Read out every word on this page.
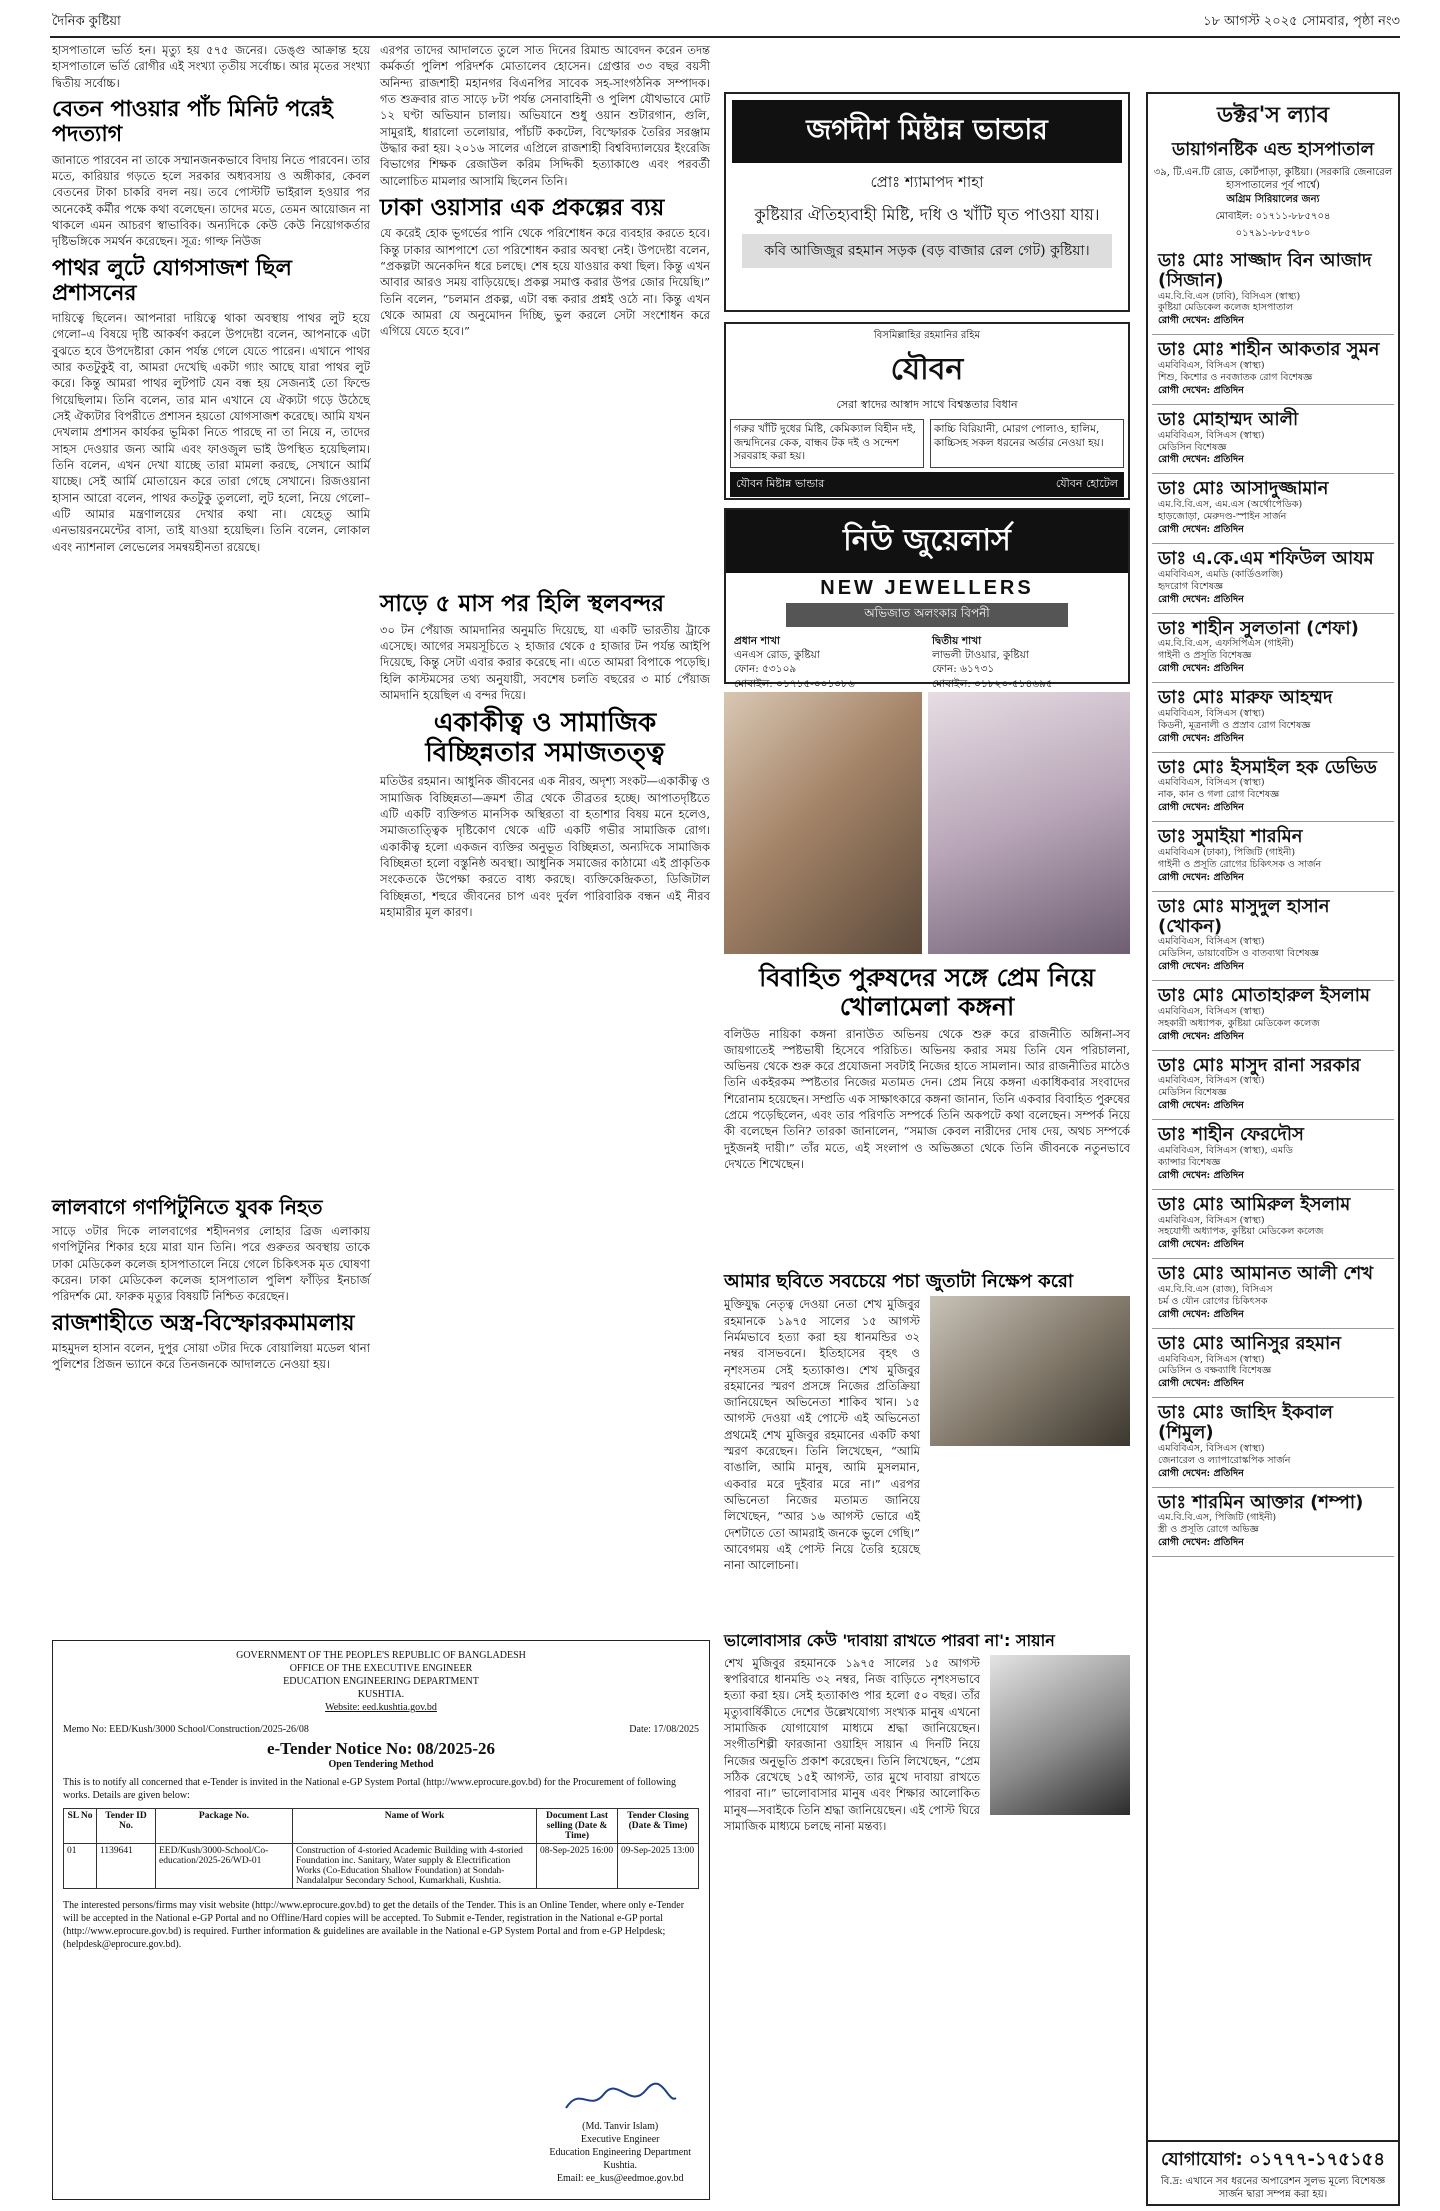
দৈনিক কুষ্টিয়া	১৮ আগস্ট ২০২৫ সোমবার, পৃষ্ঠা নং৩

হাসপাতালে ভর্তি হন। মৃত্যু হয় ৫৭৫ জনের। ডেঙ্গু আক্রান্ত হয়ে হাসপাতালে ভর্তি রোগীর এই সংখ্যা তৃতীয় সর্বোচ্চ। আর মৃতের সংখ্যা দ্বিতীয় সর্বোচ্চ।

বেতন পাওয়ার পাঁচ মিনিট পরেই পদত্যাগ

জানাতে পারবেন না তাকে সম্মানজনকভাবে বিদায় নিতে পারবেন। তার মতে, কারিয়ার গড়তে হলে সরকার অধ্যবসায় ও অঙ্গীকার, কেবল বেতনের টাকা চাকরি বদল নয়। তবে পোস্টটি ভাইরাল হওয়ার পর অনেকেই কর্মীর পক্ষে কথা বলেছেন। তাদের মতে, তেমন আয়োজন না থাকলে এমন আচরণ স্বাভাবিক। অন্যদিকে কেউ কেউ নিয়োগকর্তার দৃষ্টিভঙ্গিকে সমর্থন করেছেন। সূত্র: গাল্ফ নিউজ

পাথর লুটে যোগসাজশ ছিল প্রশাসনের

দায়িত্বে ছিলেন। আপনারা দায়িত্বে থাকা অবস্থায় পাথর লুট হয়ে গেলো–এ বিষয়ে দৃষ্টি আকর্ষণ করলে উপদেষ্টা বলেন, আপনাকে এটা বুঝতে হবে উপদেষ্টারা কোন পর্যন্ত গেলে যেতে পারেন। এখানে পাথর আর কতটুকুই বা, আমরা দেখেছি একটা গ্যাং আছে যারা পাথর লুট করে। কিন্তু আমরা পাথর লুটপাট যেন বন্ধ হয় সেজন্যই তো ফিল্ডে গিয়েছিলাম। তিনি বলেন, তার মান এখানে যে ঐক্যটা গড়ে উঠেছে সেই ঐক্যটার বিপরীতে প্রশাসন হয়তো যোগসাজশ করেছে। আমি যখন দেখলাম প্রশাসন কার্যকর ভূমিকা নিতে পারছে না তা নিয়ে ন, তাদের সাহস দেওয়ার জন্য আমি এবং ফাওজুল ভাই উপস্থিত হয়েছিলাম। তিনি বলেন, এখন দেখা যাচ্ছে তারা মামলা করছে, সেখানে আর্মি যাচ্ছে। সেই আর্মি মোতায়েন করে তারা গেছে সেখানে। রিজওয়ানা হাসান আরো বলেন, পাথর কতটুকু তুললো, লুট হলো, নিয়ে গেলো–এটি আমার মন্ত্রণালয়ের দেখার কথা না। যেহেতু আমি এনভায়রনমেন্টের বাসা, তাই যাওয়া হয়েছিল। তিনি বলেন, লোকাল এবং ন্যাশনাল লেভেলের সমন্বয়হীনতা রয়েছে।

লালবাগে গণপিটুনিতে যুবক নিহত

সাড়ে ৩টার দিকে লালবাগের শহীদনগর লোহার ব্রিজ এলাকায় গণপিটুনির শিকার হয়ে মারা যান তিনি। পরে গুরুতর অবস্থায় তাকে ঢাকা মেডিকেল কলেজ হাসপাতালে নিয়ে গেলে চিকিৎসক মৃত ঘোষণা করেন। ঢাকা মেডিকেল কলেজ হাসপাতাল পুলিশ ফাঁড়ির ইনচার্জ পরিদর্শক মো. ফারুক মৃত্যুর বিষয়টি নিশ্চিত করেছেন।

রাজশাহীতে অস্ত্র-বিস্ফোরকমামলায়

মাহমুদল হাসান বলেন, দুপুর সোয়া ৩টার দিকে বোয়ালিয়া মডেল থানা পুলিশের প্রিজন ভ্যানে করে তিনজনকে আদালতে নেওয়া হয়।

এরপর তাদের আদালতে তুলে সাত দিনের রিমান্ড আবেদন করেন তদন্ত কর্মকর্তা পুলিশ পরিদর্শক মোতালেব হোসেন। গ্রেপ্তার ৩৩ বছর বয়সী অনিন্দ্য রাজশাহী মহানগর বিএনপির সাবেক সহ-সাংগঠনিক সম্পাদক। গত শুক্রবার রাত সাড়ে ৮টা পর্যন্ত সেনাবাহিনী ও পুলিশ যৌথভাবে মোট ১২ ঘণ্টা অভিযান চালায়। অভিযানে শুধু ওয়ান শুটারগান, গুলি, সামুরাই, ধারালো তলোয়ার, পাঁচটি ককটেল, বিস্ফোরক তৈরির সরঞ্জাম উদ্ধার করা হয়। ২০১৬ সালের এপ্রিলে রাজশাহী বিশ্ববিদ্যালয়ের ইংরেজি বিভাগের শিক্ষক রেজাউল করিম সিদ্দিকী হত্যাকাণ্ডে এবং পরবর্তী আলোচিত মামলার আসামি ছিলেন তিনি।

ঢাকা ওয়াসার এক প্রকল্পের ব্যয়

যে করেই হোক ভূগর্ভের পানি থেকে পরিশোধন করে ব্যবহার করতে হবে। কিন্তু ঢাকার আশপাশে তো পরিশোধন করার অবস্থা নেই। উপদেষ্টা বলেন, “প্রকল্পটা অনেকদিন ধরে চলছে। শেষ হয়ে যাওয়ার কথা ছিল। কিন্তু এখন আবার আরও সময় বাড়িয়েছে। প্রকল্প সমাপ্ত করার উপর জোর দিয়েছি।” তিনি বলেন, “চলমান প্রকল্প, এটা বন্ধ করার প্রশ্নই ওঠে না। কিন্তু এখন থেকে আমরা যে অনুমোদন দিচ্ছি, ভুল করলে সেটা সংশোধন করে এগিয়ে যেতে হবে।”

সাড়ে ৫ মাস পর হিলি স্থলবন্দর

৩০ টন পেঁয়াজ আমদানির অনুমতি দিয়েছে, যা একটি ভারতীয় ট্রাকে এসেছে। আগের সময়সূচিতে ২ হাজার থেকে ৫ হাজার টন পর্যন্ত আইপি দিয়েছে, কিন্তু সেটা এবার করার করেছে না। এতে আমরা বিপাকে পড়েছি। হিলি কাস্টমসের তথ্য অনুযায়ী, সবশেষ চলতি বছরের ৩ মার্চ পেঁয়াজ আমদানি হয়েছিল এ বন্দর দিয়ে।

একাকীত্ব ও সামাজিক বিচ্ছিন্নতার সমাজতত্ত্ব

মতিউর রহমান। আধুনিক জীবনের এক নীরব, অদৃশ্য সংকট—একাকীত্ব ও সামাজিক বিচ্ছিন্নতা—ক্রমশ তীব্র থেকে তীব্রতর হচ্ছে। আপাতদৃষ্টিতে এটি একটি ব্যক্তিগত মানসিক অস্থিরতা বা হতাশার বিষয় মনে হলেও, সমাজতাত্ত্বিক দৃষ্টিকোণ থেকে এটি একটি গভীর সামাজিক রোগ। একাকীত্ব হলো একজন ব্যক্তির অনুভূত বিচ্ছিন্নতা, অন্যদিকে সামাজিক বিচ্ছিন্নতা হলো বস্তুনিষ্ঠ অবস্থা। আধুনিক সমাজের কাঠামো এই প্রাকৃতিক সংকেতকে উপেক্ষা করতে বাধ্য করছে। ব্যক্তিকেন্দ্রিকতা, ডিজিটাল বিচ্ছিন্নতা, শহুরে জীবনের চাপ এবং দুর্বল পারিবারিক বন্ধন এই নীরব মহামারীর মূল কারণ।

জগদীশ মিষ্টান্ন ভান্ডার
প্রোঃ শ্যামাপদ শাহা
কুষ্টিয়ার ঐতিহ্যবাহী মিষ্টি, দধি ও খাঁটি ঘৃত পাওয়া যায়।
কবি আজিজুর রহমান সড়ক (বড় বাজার রেল গেট) কুষ্টিয়া।
বিসমিল্লাহির রহমানির রহিম
যৌবন
সেরা স্বাদের আস্বাদ সাথে বিশ্বস্ততার বিধান
গরুর খাঁটি দুধের মিষ্টি, কেমিক্যাল বিহীন দই, জন্মদিনের কেক, বান্ধব টক দই ও সন্দেশ সরবরাহ করা হয়।
কাচ্চি বিরিয়ানী, মোরগ পোলাও, হালিম, কাচ্চিসহ সকল ধরনের অর্ডার নেওয়া হয়।
যৌবন মিষ্টান্ন ভান্ডার	যৌবন হোটেল
নিউ জুয়েলার্স
NEW JEWELLERS
অভিজাত অলংকার বিপনী
প্রধান শাখা
এনএস রোড, কুষ্টিয়া
ফোন: ৫৩১০৯
মোবাইল: ০১৭১৫-০০১০৮৬
দ্বিতীয় শাখা
লাভলী টাওয়ার, কুষ্টিয়া
ফোন: ৬১৭৩১
মোবাইল: ০১৮২০-৫১৪৬৯৫
বিবাহিত পুরুষদের সঙ্গে প্রেম নিয়ে খোলামেলা কঙ্গনা

বলিউড নায়িকা কঙ্গনা রানাউত অভিনয় থেকে শুরু করে রাজনীতি অঙ্গিনা-সব জায়গাতেই স্পষ্টভাষী হিসেবে পরিচিত। অভিনয় করার সময় তিনি যেন পরিচালনা, অভিনয় থেকে শুরু করে প্রযোজনা সবটাই নিজের হাতে সামলান। আর রাজনীতির মাঠেও তিনি একইরকম স্পষ্টতার নিজের মতামত দেন। প্রেম নিয়ে কঙ্গনা একাধিকবার সংবাদের শিরোনাম হয়েছেন। সম্প্রতি এক সাক্ষাৎকারে কঙ্গনা জানান, তিনি একবার বিবাহিত পুরুষের প্রেমে পড়েছিলেন, এবং তার পরিণতি সম্পর্কে তিনি অকপটে কথা বলেছেন। সম্পর্ক নিয়ে কী বলেছেন তিনি? তারকা জানালেন, “সমাজ কেবল নারীদের দোষ দেয়, অথচ সম্পর্কে দুইজনই দায়ী।” তাঁর মতে, এই সংলাপ ও অভিজ্ঞতা থেকে তিনি জীবনকে নতুনভাবে দেখতে শিখেছেন।

আমার ছবিতে সবচেয়ে পচা জুতাটা নিক্ষেপ করো

মুক্তিযুদ্ধ নেতৃত্ব দেওয়া নেতা শেখ মুজিবুর রহমানকে ১৯৭৫ সালের ১৫ আগস্ট নির্মমভাবে হত্যা করা হয় ধানমন্ডির ৩২ নম্বর বাসভবনে। ইতিহাসের বৃহৎ ও নৃশংসতম সেই হত্যাকাণ্ড। শেখ মুজিবুর রহমানের স্মরণ প্রসঙ্গে নিজের প্রতিক্রিয়া জানিয়েছেন অভিনেতা শাকিব খান। ১৫ আগস্ট দেওয়া এই পোস্টে এই অভিনেতা প্রথমেই শেখ মুজিবুর রহমানের একটি কথা স্মরণ করেছেন। তিনি লিখেছেন, “আমি বাঙালি, আমি মানুষ, আমি মুসলমান, একবার মরে দুইবার মরে না।” এরপর অভিনেতা নিজের মতামত জানিয়ে লিখেছেন, “আর ১৬ আগস্ট ভোরে এই দেশটাতে তো আমরাই জনকে ভুলে গেছি।” আবেগময় এই পোস্ট নিয়ে তৈরি হয়েছে নানা আলোচনা।

ভালোবাসার কেউ 'দাবায়া রাখতে পারবা না': সায়ান

শেখ মুজিবুর রহমানকে ১৯৭৫ সালের ১৫ আগস্ট স্বপরিবারে ধানমন্ডি ৩২ নম্বর, নিজ বাড়িতে নৃশংসভাবে হত্যা করা হয়। সেই হত্যাকাণ্ড পার হলো ৫০ বছর। তাঁর মৃত্যুবার্ষিকীতে দেশের উল্লেখযোগ্য সংখ্যক মানুষ এখনো সামাজিক যোগাযোগ মাধ্যমে শ্রদ্ধা জানিয়েছেন। সংগীতশিল্পী ফারজানা ওয়াহিদ সায়ান এ দিনটি নিয়ে নিজের অনুভূতি প্রকাশ করেছেন। তিনি লিখেছেন, “প্রেম সঠিক রেখেছে ১৫ই আগস্ট, তার মুখে দাবায়া রাখতে পারবা না।” ভালোবাসার মানুষ এবং শিক্ষার আলোকিত মানুষ—সবাইকে তিনি শ্রদ্ধা জানিয়েছেন। এই পোস্ট ঘিরে সামাজিক মাধ্যমে চলছে নানা মন্তব্য।

GOVERNMENT OF THE PEOPLE'S REPUBLIC OF BANGLADESH
OFFICE OF THE EXECUTIVE ENGINEER
EDUCATION ENGINEERING DEPARTMENT
KUSHTIA.
Website: eed.kushtia.gov.bd
Memo No: EED/Kush/3000 School/Construction/2025-26/08	Date: 17/08/2025
e-Tender Notice No: 08/2025-26
Open Tendering Method
This is to notify all concerned that e-Tender is invited in the National e-GP System Portal (http://www.eprocure.gov.bd) for the Procurement of following works. Details are given below:
SL No	Tender ID No.	Package No.	Name of Work	Document Last selling (Date & Time)	Tender Closing (Date & Time)
01	1139641	EED/Kush/3000-School/Co-education/2025-26/WD-01	Construction of 4-storied Academic Building with 4-storied Foundation inc. Sanitary, Water supply & Electrification Works (Co-Education Shallow Foundation) at Sondah-Nandalalpur Secondary School, Kumarkhali, Kushtia.	08-Sep-2025 16:00	09-Sep-2025 13:00
The interested persons/firms may visit website (http://www.eprocure.gov.bd) to get the details of the Tender. This is an Online Tender, where only e-Tender will be accepted in the National e-GP Portal and no Offline/Hard copies will be accepted. To Submit e-Tender, registration in the National e-GP portal (http://www.eprocure.gov.bd) is required. Further information & guidelines are available in the National e-GP System Portal and from e-GP Helpdesk; (helpdesk@eprocure.gov.bd).
(Md. Tanvir Islam)
Executive Engineer
Education Engineering Department
Kushtia.
Email: ee_kus@eedmoe.gov.bd
ডক্টর'স ল্যাব
ডায়াগনষ্টিক এন্ড হাসপাতাল
৩৯, টি.এন.টি রোড, কোর্টপাড়া, কুষ্টিয়া। (সরকারি জেনারেল হাসপাতালের পূর্ব পার্শ্বে)
অগ্রিম সিরিয়ালের জন্য
মোবাইল: ০১৭১১-৮৮৫৭০৪
০১৭৯১-৮৮৫৭৮০
ডাঃ মোঃ সাজ্জাদ বিন আজাদ (সিজান)
এম.বি.বি.এস (ঢাবি), বিসিএস (স্বাস্থ্য)
কুষ্টিয়া মেডিকেল কলেজ হাসপাতাল
রোগী দেখেন: প্রতিদিন
ডাঃ মোঃ শাহীন আকতার সুমন
এমবিবিএস, বিসিএস (স্বাস্থ্য)
শিশু, কিশোর ও নবজাতক রোগ বিশেষজ্ঞ
রোগী দেখেন: প্রতিদিন
ডাঃ মোহাম্মদ আলী
এমবিবিএস, বিসিএস (স্বাস্থ্য)
মেডিসিন বিশেষজ্ঞ
রোগী দেখেন: প্রতিদিন
ডাঃ মোঃ আসাদুজ্জামান
এম.বি.বি.এস, এম.এস (অর্থোপেডিক)
হাড়জোড়া, মেরুদণ্ড-স্পাইন সার্জন
রোগী দেখেন: প্রতিদিন
ডাঃ এ.কে.এম শফিউল আযম
এমবিবিএস, এমডি (কার্ডিওলজি)
হৃদরোগ বিশেষজ্ঞ
রোগী দেখেন: প্রতিদিন
ডাঃ শাহীন সুলতানা (শেফা)
এম.বি.বি.এস, এফসিপিএস (গাইনী)
গাইনী ও প্রসূতি বিশেষজ্ঞ
রোগী দেখেন: প্রতিদিন
ডাঃ মোঃ মারুফ আহম্মদ
এমবিবিএস, বিসিএস (স্বাস্থ্য)
কিডনী, মূত্রনালী ও প্রস্রাব রোগ বিশেষজ্ঞ
রোগী দেখেন: প্রতিদিন
ডাঃ মোঃ ইসমাইল হক ডেভিড
এমবিবিএস, বিসিএস (স্বাস্থ্য)
নাক, কান ও গলা রোগ বিশেষজ্ঞ
রোগী দেখেন: প্রতিদিন
ডাঃ সুমাইয়া শারমিন
এমবিবিএস (ঢাকা), পিজিটি (গাইনী)
গাইনী ও প্রসূতি রোগের চিকিৎসক ও সার্জন
রোগী দেখেন: প্রতিদিন
ডাঃ মোঃ মাসুদুল হাসান (খোকন)
এমবিবিএস, বিসিএস (স্বাস্থ্য)
মেডিসিন, ডায়াবেটিস ও বাতব্যথা বিশেষজ্ঞ
রোগী দেখেন: প্রতিদিন
ডাঃ মোঃ মোতাহারুল ইসলাম
এমবিবিএস, বিসিএস (স্বাস্থ্য)
সহকারী অধ্যাপক, কুষ্টিয়া মেডিকেল কলেজ
রোগী দেখেন: প্রতিদিন
ডাঃ মোঃ মাসুদ রানা সরকার
এমবিবিএস, বিসিএস (স্বাস্থ্য)
মেডিসিন বিশেষজ্ঞ
রোগী দেখেন: প্রতিদিন
ডাঃ শাহীন ফেরদৌস
এমবিবিএস, বিসিএস (স্বাস্থ্য), এমডি
ক্যান্সার বিশেষজ্ঞ
রোগী দেখেন: প্রতিদিন
ডাঃ মোঃ আমিরুল ইসলাম
এমবিবিএস, বিসিএস (স্বাস্থ্য)
সহযোগী অধ্যাপক, কুষ্টিয়া মেডিকেল কলেজ
রোগী দেখেন: প্রতিদিন
ডাঃ মোঃ আমানত আলী শেখ
এম.বি.বি.এস (রাজ), বিসিএস
চর্ম ও যৌন রোগের চিকিৎসক
রোগী দেখেন: প্রতিদিন
ডাঃ মোঃ আনিসুর রহমান
এমবিবিএস, বিসিএস (স্বাস্থ্য)
মেডিসিন ও বক্ষব্যাধি বিশেষজ্ঞ
রোগী দেখেন: প্রতিদিন
ডাঃ মোঃ জাহিদ ইকবাল (শিমুল)
এমবিবিএস, বিসিএস (স্বাস্থ্য)
জেনারেল ও ল্যাপারোস্কপিক সার্জন
রোগী দেখেন: প্রতিদিন
ডাঃ শারমিন আক্তার (শম্পা)
এম.বি.বি.এস, পিজিটি (গাইনী)
স্ত্রী ও প্রসূতি রোগে অভিজ্ঞ
রোগী দেখেন: প্রতিদিন
যোগাযোগ: ০১৭৭৭-১৭৫১৫৪
বি.দ্র: এখানে সব ধরনের অপারেশন সুলভ মূল্যে বিশেষজ্ঞ সার্জন দ্বারা সম্পন্ন করা হয়।
